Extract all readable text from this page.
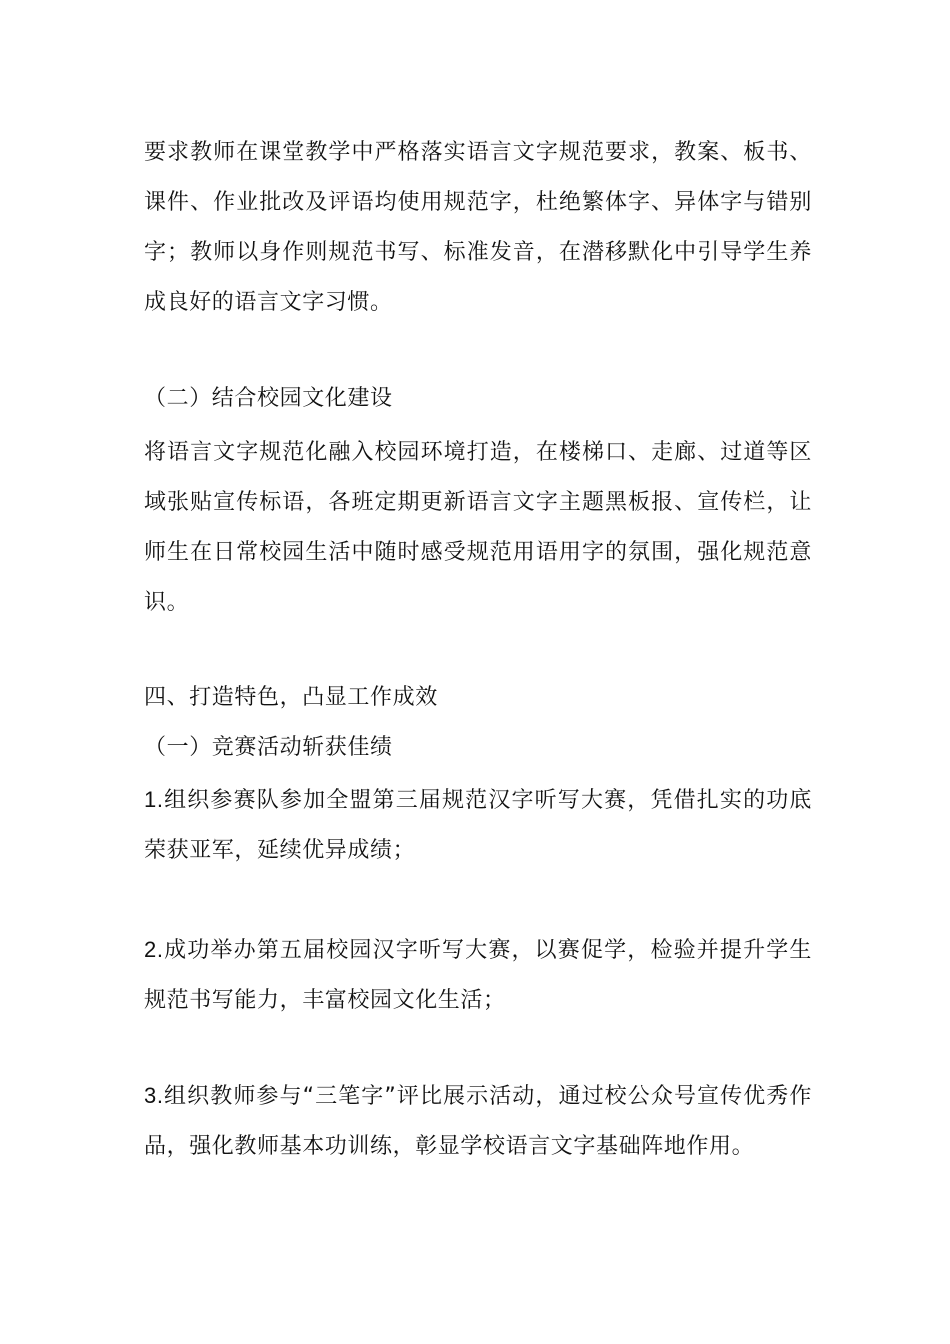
要求教师在课堂教学中严格落实语言文字规范要求，教案、板书、课件、作业批改及评语均使用规范字，杜绝繁体字、异体字与错别字；教师以身作则规范书写、标准发音，在潜移默化中引导学生养成良好的语言文字习惯。

（二）结合校园文化建设

将语言文字规范化融入校园环境打造，在楼梯口、走廊、过道等区域张贴宣传标语，各班定期更新语言文字主题黑板报、宣传栏，让师生在日常校园生活中随时感受规范用语用字的氛围，强化规范意识。

四、打造特色，凸显工作成效

（一）竞赛活动斩获佳绩

1.组织参赛队参加全盟第三届规范汉字听写大赛，凭借扎实的功底荣获亚军，延续优异成绩；

2.成功举办第五届校园汉字听写大赛，以赛促学，检验并提升学生规范书写能力，丰富校园文化生活；

3.组织教师参与“三笔字”评比展示活动，通过校公众号宣传优秀作品，强化教师基本功训练，彰显学校语言文字基础阵地作用。
